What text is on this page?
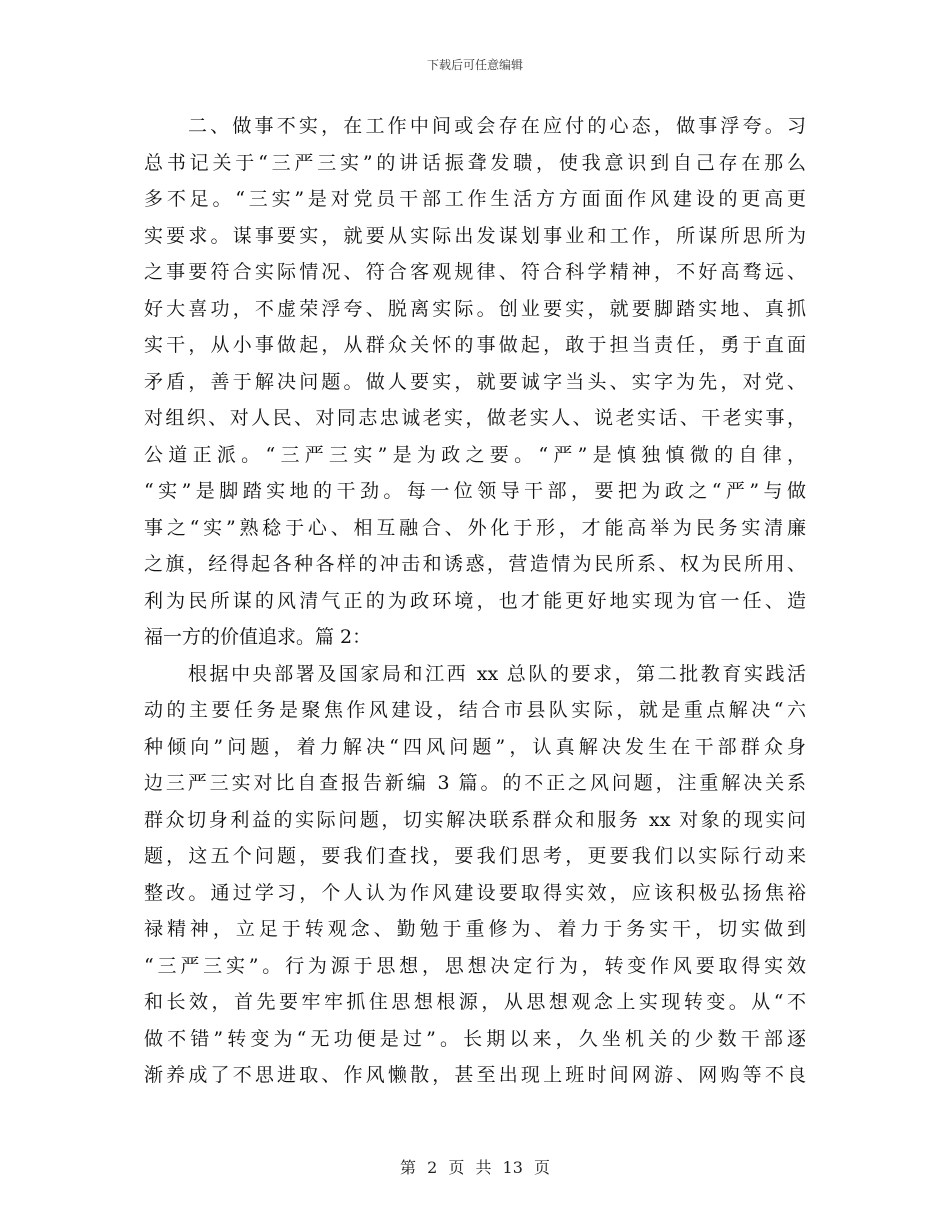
下载后可任意编辑
二、做事不实，在工作中间或会存在应付的心态，做事浮夸。习
总书记关于“三严三实”的讲话振聋发聩，使我意识到自己存在那么
多不足。“三实”是对党员干部工作生活方方面面作风建设的更高更
实要求。谋事要实，就要从实际出发谋划事业和工作，所谋所思所为
之事要符合实际情况、符合客观规律、符合科学精神，不好高骛远、
好大喜功，不虚荣浮夸、脱离实际。创业要实，就要脚踏实地、真抓
实干，从小事做起，从群众关怀的事做起，敢于担当责任，勇于直面
矛盾，善于解决问题。做人要实，就要诚字当头、实字为先，对党、
对组织、对人民、对同志忠诚老实，做老实人、说老实话、干老实事，
公道正派。“三严三实”是为政之要。“严”是慎独慎微的自律，
“实”是脚踏实地的干劲。每一位领导干部，要把为政之“严”与做
事之“实”熟稔于心、相互融合、外化于形，才能高举为民务实清廉
之旗，经得起各种各样的冲击和诱惑，营造情为民所系、权为民所用、
利为民所谋的风清气正的为政环境，也才能更好地实现为官一任、造
福一方的价值追求。篇 2：
根据中央部署及国家局和江西 xx 总队的要求，第二批教育实践活
动的主要任务是聚焦作风建设，结合市县队实际，就是重点解决“六
种倾向”问题，着力解决“四风问题”，认真解决发生在干部群众身
边三严三实对比自查报告新编 3 篇。的不正之风问题，注重解决关系
群众切身利益的实际问题，切实解决联系群众和服务 xx 对象的现实问
题，这五个问题，要我们查找，要我们思考，更要我们以实际行动来
整改。通过学习，个人认为作风建设要取得实效，应该积极弘扬焦裕
禄精神，立足于转观念、勤勉于重修为、着力于务实干，切实做到
“三严三实”。行为源于思想，思想决定行为，转变作风要取得实效
和长效，首先要牢牢抓住思想根源，从思想观念上实现转变。从“不
做不错”转变为“无功便是过”。长期以来，久坐机关的少数干部逐
渐养成了不思进取、作风懒散，甚至出现上班时间网游、网购等不良
第 2 页 共 13 页
